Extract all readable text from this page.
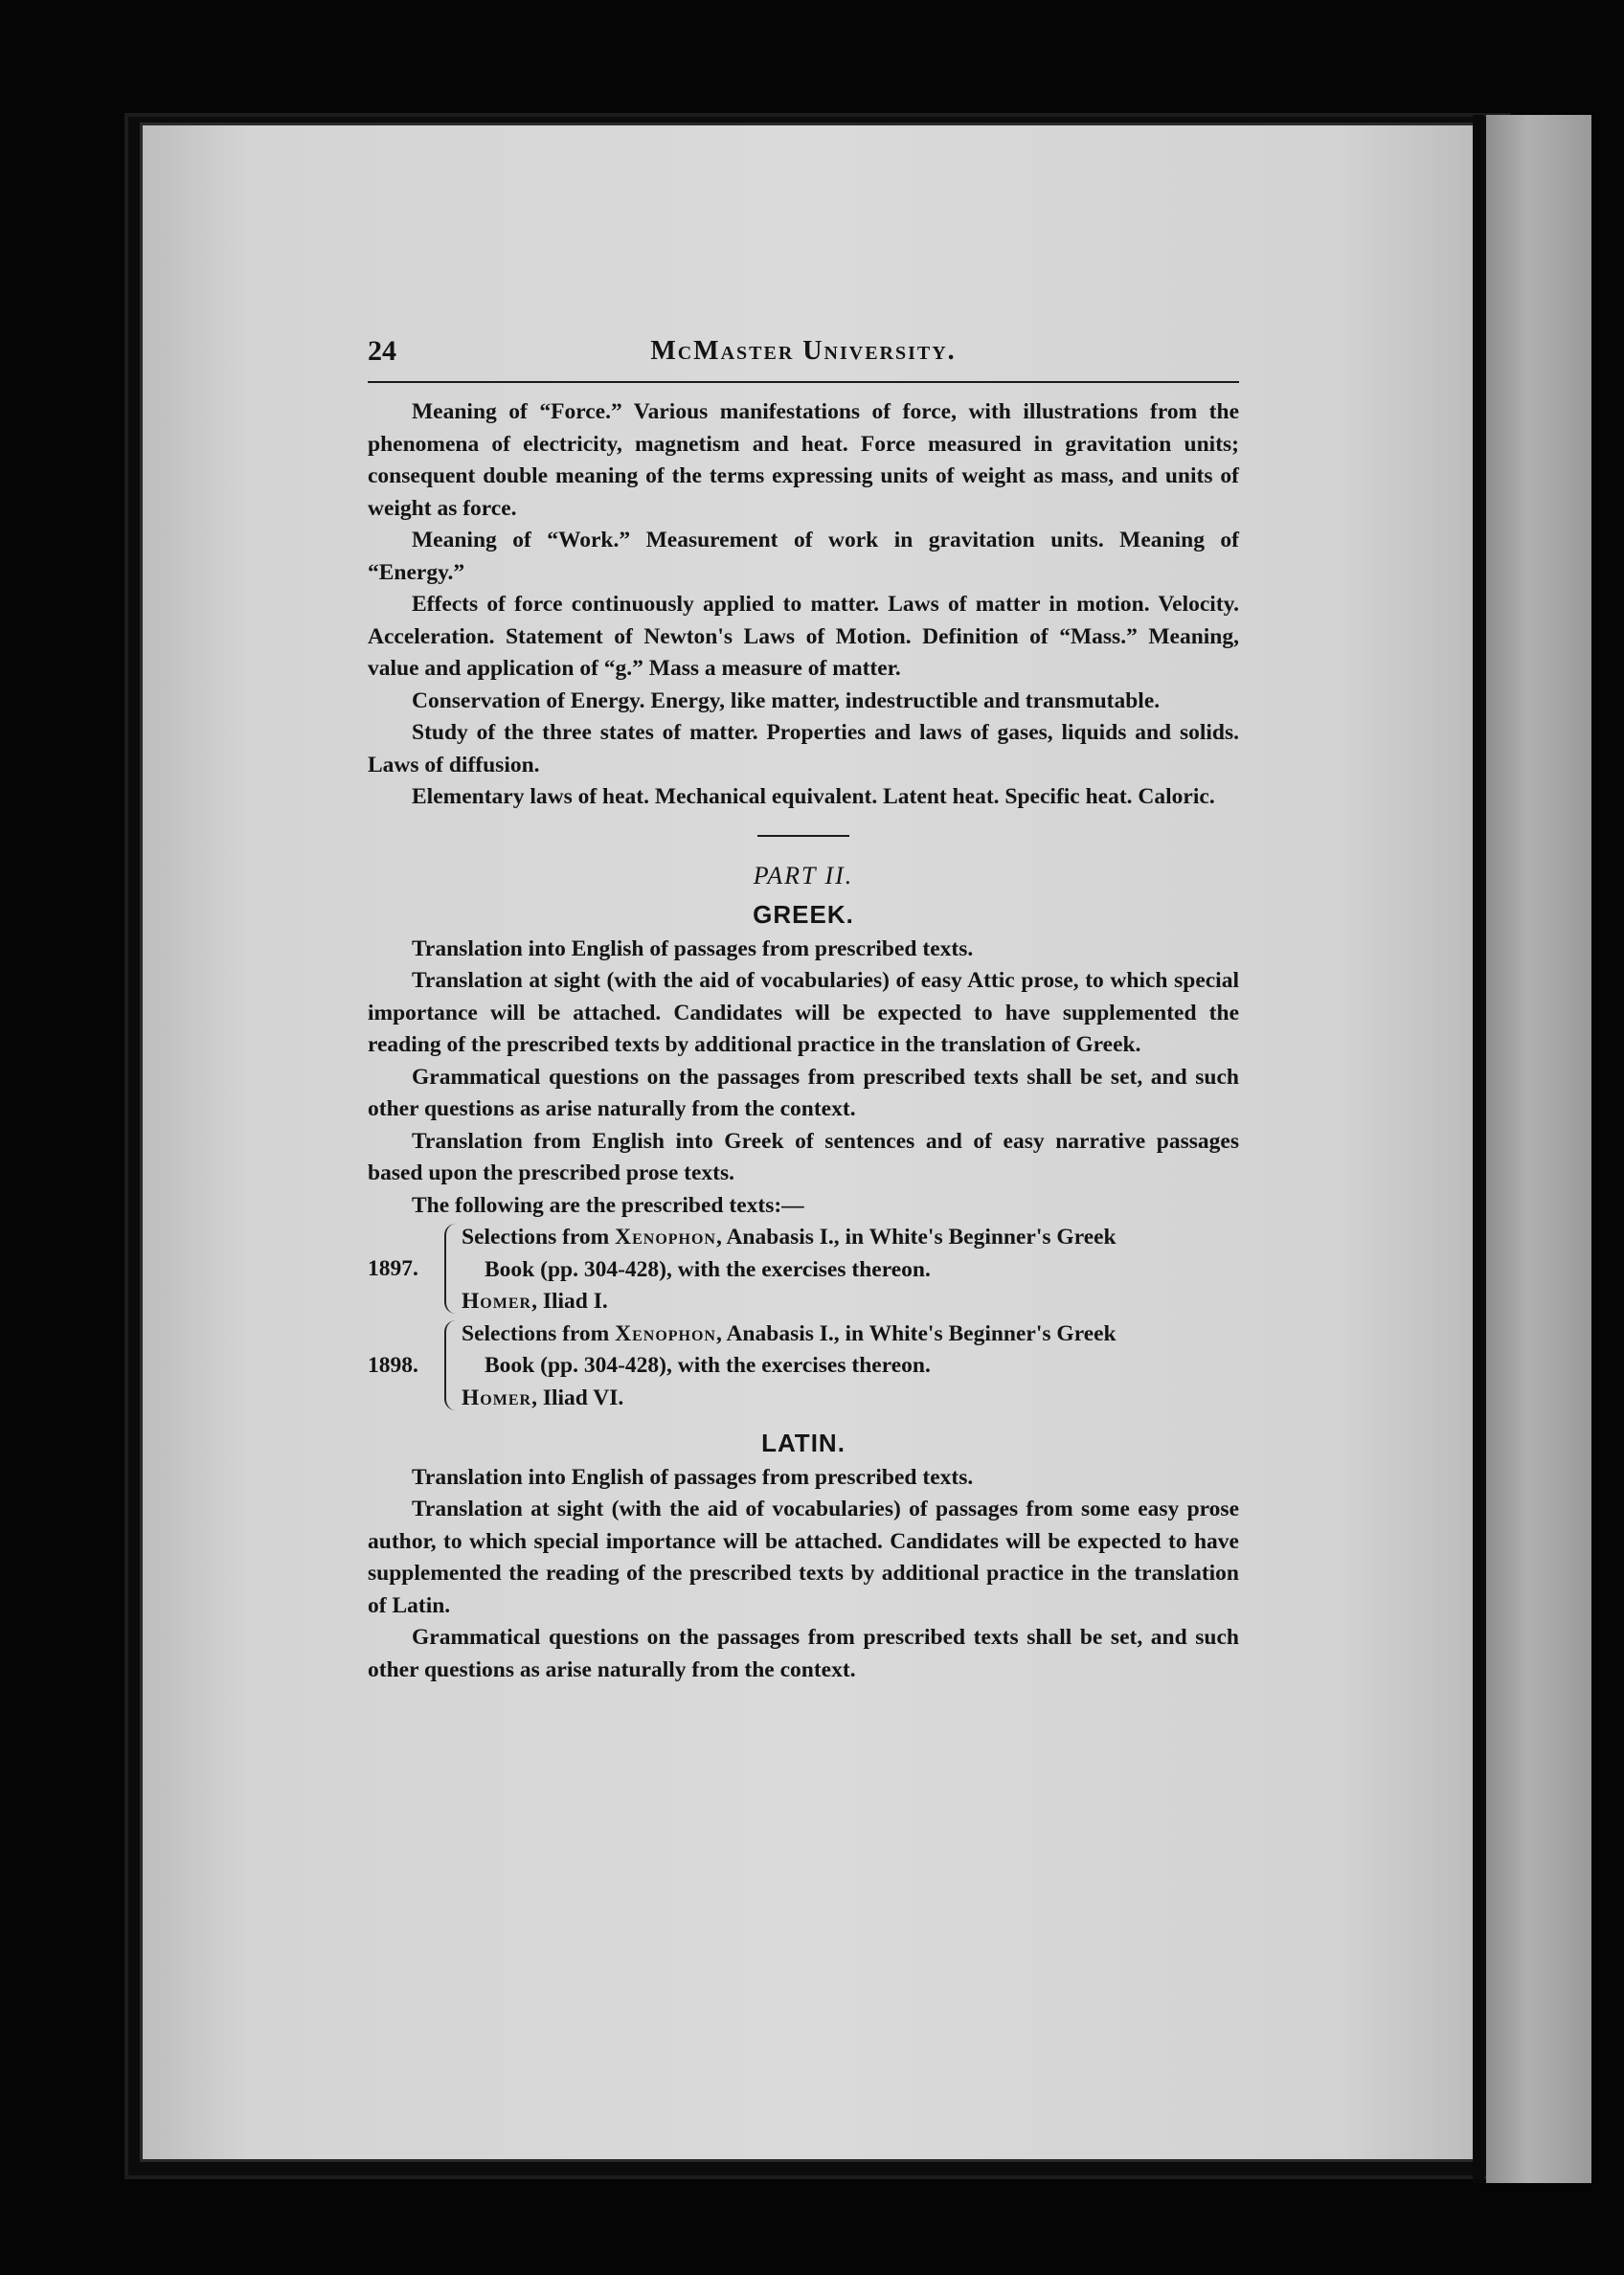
24	McMaster University.

Meaning of “Force.” Various manifestations of force, with illustrations from the phenomena of electricity, magnetism and heat. Force measured in gravitation units; consequent double meaning of the terms expressing units of weight as mass, and units of weight as force.

Meaning of “Work.” Measurement of work in gravitation units. Meaning of “Energy.”

Effects of force continuously applied to matter. Laws of matter in motion. Velocity. Acceleration. Statement of Newton's Laws of Motion. Definition of “Mass.” Meaning, value and application of “g.” Mass a measure of matter.

Conservation of Energy. Energy, like matter, indestructible and transmutable.

Study of the three states of matter. Properties and laws of gases, liquids and solids. Laws of diffusion.

Elementary laws of heat. Mechanical equivalent. Latent heat. Specific heat. Caloric.

PART II.
GREEK.

Translation into English of passages from prescribed texts.

Translation at sight (with the aid of vocabularies) of easy Attic prose, to which special importance will be attached. Candidates will be expected to have supplemented the reading of the prescribed texts by additional practice in the translation of Greek.

Grammatical questions on the passages from prescribed texts shall be set, and such other questions as arise naturally from the context.

Translation from English into Greek of sentences and of easy narrative passages based upon the prescribed prose texts.

The following are the prescribed texts:—

1897.

Selections from Xenophon, Anabasis I., in White's Beginner's Greek

Book (pp. 304-428), with the exercises thereon.

Homer, Iliad I.

1898.

Selections from Xenophon, Anabasis I., in White's Beginner's Greek

Book (pp. 304-428), with the exercises thereon.

Homer, Iliad VI.

LATIN.

Translation into English of passages from prescribed texts.

Translation at sight (with the aid of vocabularies) of passages from some easy prose author, to which special importance will be attached. Candidates will be expected to have supplemented the reading of the prescribed texts by additional practice in the translation of Latin.

Grammatical questions on the passages from prescribed texts shall be set, and such other questions as arise naturally from the context.
